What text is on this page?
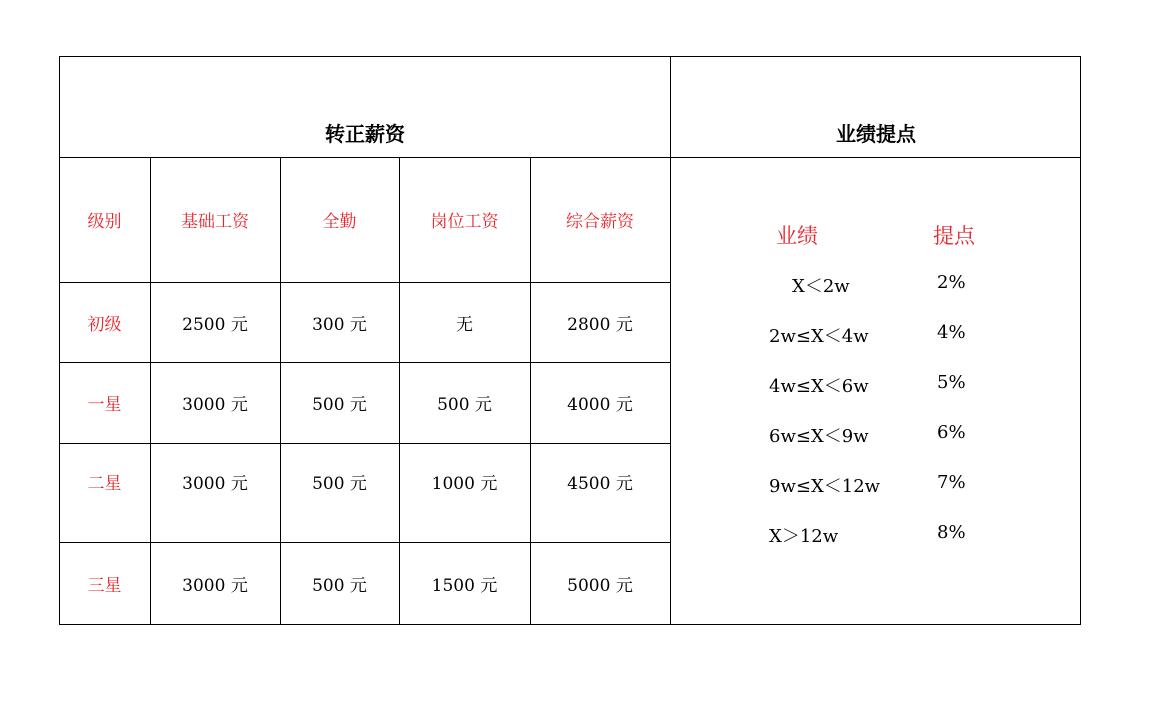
转正薪资	业绩提点
级别	基础工资	全勤	岗位工资	综合薪资
初级	2500 元	300 元	无	2800 元
一星	3000 元	500 元	500 元	4000 元
二星	3000 元	500 元	1000 元	4500 元
三星	3000 元	500 元	1500 元	5000 元
业绩	提点
X＜2w	2%
2w≤X＜4w	4%
4w≤X＜6w	5%
6w≤X＜9w	6%
9w≤X＜12w	7%
X＞12w	8%
